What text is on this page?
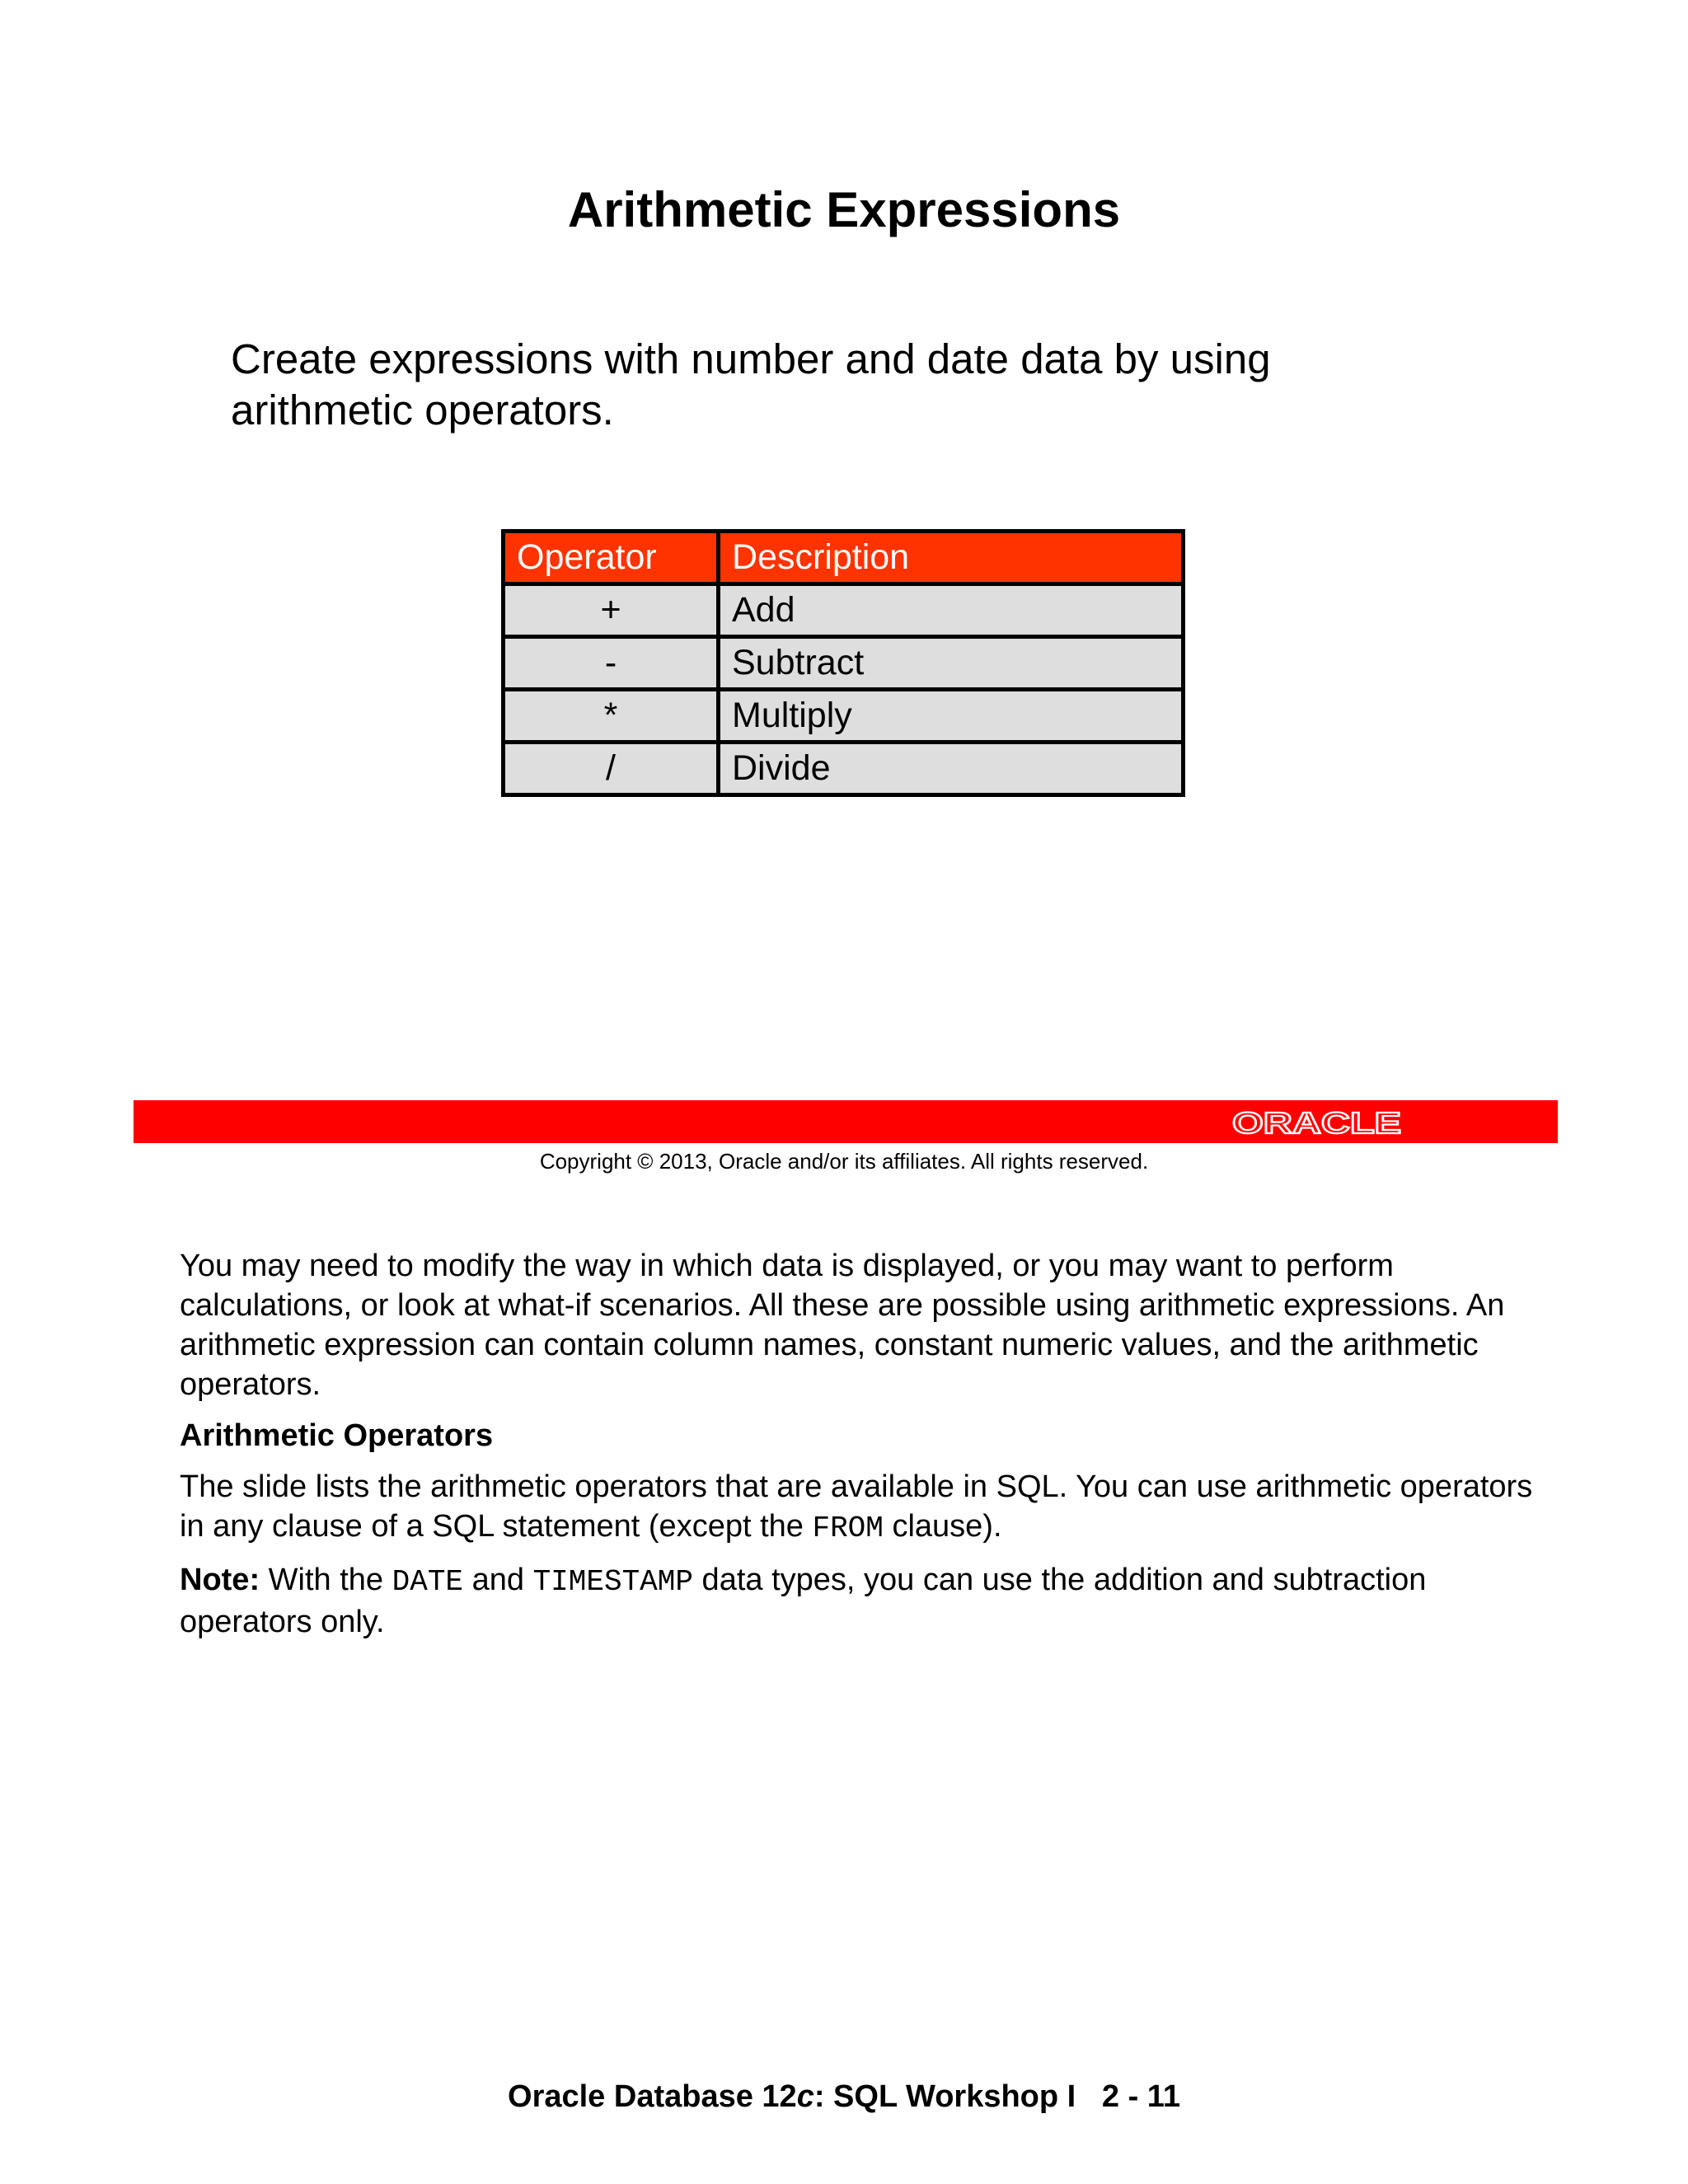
Arithmetic Expressions

Create expressions with number and date data by using arithmetic operators.

Operator	Description
+	Add
-	Subtract
*	Multiply
/	Divide
ORACLE

Copyright © 2013, Oracle and/or its affiliates. All rights reserved.

You may need to modify the way in which data is displayed, or you may want to perform calculations, or look at what-if scenarios. All these are possible using arithmetic expressions. An arithmetic expression can contain column names, constant numeric values, and the arithmetic operators.

Arithmetic Operators

The slide lists the arithmetic operators that are available in SQL. You can use arithmetic operators in any clause of a SQL statement (except the FROM clause).

Note: With the DATE and TIMESTAMP data types, you can use the addition and subtraction operators only.

Oracle Database 12c: SQL Workshop I   2 - 11
